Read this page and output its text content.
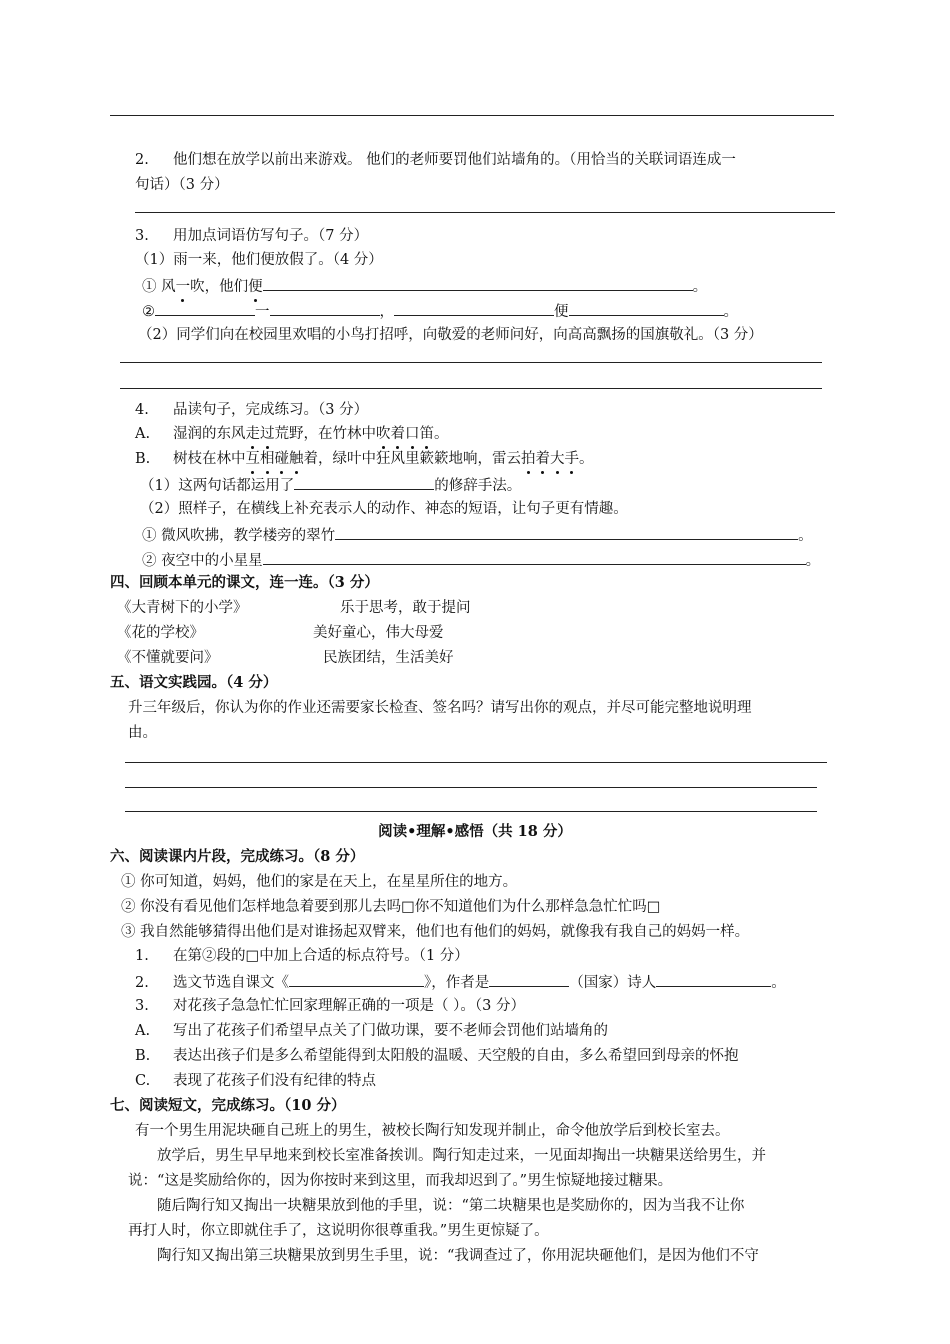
2. 他们想在放学以前出来游戏。 他们的老师要罚他们站墙角的。（用恰当的关联词语连成一
句话）（3 分）
3. 用加点词语仿写句子。（7 分）
（1）雨一来，他们便放假了。（4 分）
① 风一吹，他们便	。
②	一	，	便	。
（2）同学们向在校园里欢唱的小鸟打招呼，向敬爱的老师问好，向高高飘扬的国旗敬礼。（3 分）
4. 品读句子，完成练习。（3 分）
A. 湿润的东风走过荒野，在竹林中吹着口笛。
B. 树枝在林中互相碰触着，绿叶中狂风里簌簌地响，雷云拍着大手。
（1）这两句话都运用了	的修辞手法。
（2）照样子，在横线上补充表示人的动作、神态的短语，让句子更有情趣。
① 微风吹拂，教学楼旁的翠竹	。
② 夜空中的小星星	。
四、回顾本单元的课文，连一连。（3 分）
《大青树下的小学》	乐于思考，敢于提问
《花的学校》	美好童心，伟大母爱
《不懂就要问》	民族团结，生活美好
五、语文实践园。（4 分）
升三年级后，你认为你的作业还需要家长检查、签名吗？请写出你的观点，并尽可能完整地说明理
由。
阅读•理解•感悟（共 18 分）
六、阅读课内片段，完成练习。（8 分）
① 你可知道，妈妈，他们的家是在天上，在星星所住的地方。
② 你没有看见他们怎样地急着要到那儿去吗□你不知道他们为什么那样急急忙忙吗□
③ 我自然能够猜得出他们是对谁扬起双臂来，他们也有他们的妈妈，就像我有我自己的妈妈一样。
1. 在第②段的□中加上合适的标点符号。（1 分）
2. 选文节选自课文《	》，作者是	（国家）诗人	。
3. 对花孩子急急忙忙回家理解正确的一项是（ ）。（3 分）
A. 写出了花孩子们希望早点关了门做功课，要不老师会罚他们站墙角的
B. 表达出孩子们是多么希望能得到太阳般的温暖、天空般的自由，多么希望回到母亲的怀抱
C. 表现了花孩子们没有纪律的特点
七、阅读短文，完成练习。（10 分）
有一个男生用泥块砸自己班上的男生，被校长陶行知发现并制止，命令他放学后到校长室去。
放学后，男生早早地来到校长室准备挨训。陶行知走过来，一见面却掏出一块糖果送给男生，并
说：“这是奖励给你的，因为你按时来到这里，而我却迟到了。”男生惊疑地接过糖果。
随后陶行知又掏出一块糖果放到他的手里，说：“第二块糖果也是奖励你的，因为当我不让你
再打人时，你立即就住手了，这说明你很尊重我。”男生更惊疑了。
陶行知又掏出第三块糖果放到男生手里，说：“我调查过了，你用泥块砸他们，是因为他们不守
